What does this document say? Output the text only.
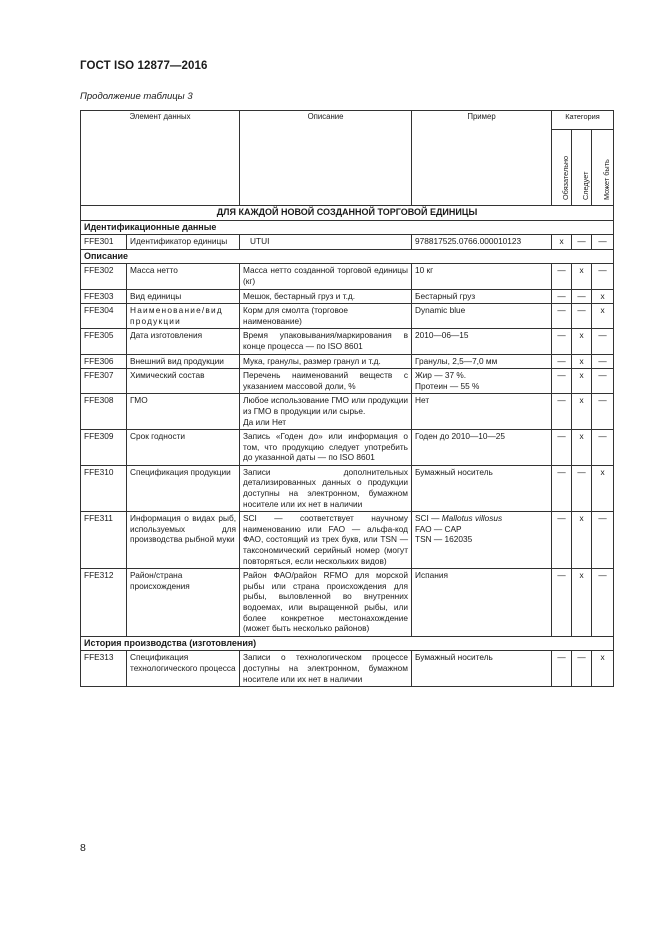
ГОСТ ISO 12877—2016
Продолжение таблицы 3
Элемент данных		Описание	Пример	Категория		

				Обязательно	Следует	Может быть

ДЛЯ КАЖДОЙ НОВОЙ СОЗДАННОЙ ТОРГОВОЙ ЕДИНИЦЫ						
Идентификационные данные						
FFE301	Идентификатор единицы	UTUI	978817525.0766.000010123	x	—	—
Описание						
FFE302	Масса нетто	Масса нетто созданной торговой единицы (кг)	10 кг	—	x	—
FFE303	Вид единицы	Мешок, бестарный груз и т.д.	Бестарный груз	—	—	x
FFE304	Наименование/вид продукции	Корм для смолта (торговое наименование)	Dynamic blue	—	—	x
FFE305	Дата изготовления	Время упаковывания/маркирования в конце процесса — по ISO 8601	2010—06—15	—	x	—
FFE306	Внешний вид продукции	Мука, гранулы, размер гранул и т.д.	Гранулы, 2,5—7,0 мм	—	x	—
FFE307	Химический состав	Перечень наименований веществ с указанием массовой доли, %	Жир — 37 %.
Протеин — 55 %	—	x	—
FFE308	ГМО	Любое использование ГМО или продукции из ГМО в продукции или сырье.
Да или Нет	Нет	—	x	—
FFE309	Срок годности	Запись «Годен до» или информация о том, что продукцию следует употребить до указанной даты — по ISO 8601	Годен до 2010—10—25	—	x	—
FFE310	Спецификация продукции	Записи дополнительных детализированных данных о продукции доступны на электронном, бумажном носителе или их нет в наличии	Бумажный носитель	—	—	x
FFE311	Информация о видах рыб, используемых для производства рыбной муки	SCI — соответствует научному наименованию или FAO — альфа-код ФАО, состоящий из трех букв, или TSN — таксономический серийный номер (могут повторяться, если нескольких видов)	SCI — Mallotus villosus
FAO — CAP
TSN — 162035	—	x	—
FFE312	Район/страна происхождения	Район ФАО/район RFMO для морской рыбы или страна происхождения для рыбы, выловленной во внутренних водоемах, или выращенной рыбы, или более конкретное местонахождение (может быть несколько районов)	Испания	—	x	—
История производства (изготовления)						
FFE313	Спецификация технологического процесса	Записи о технологическом процессе доступны на электронном, бумажном носителе или их нет в наличии	Бумажный носитель	—	—	x
8
